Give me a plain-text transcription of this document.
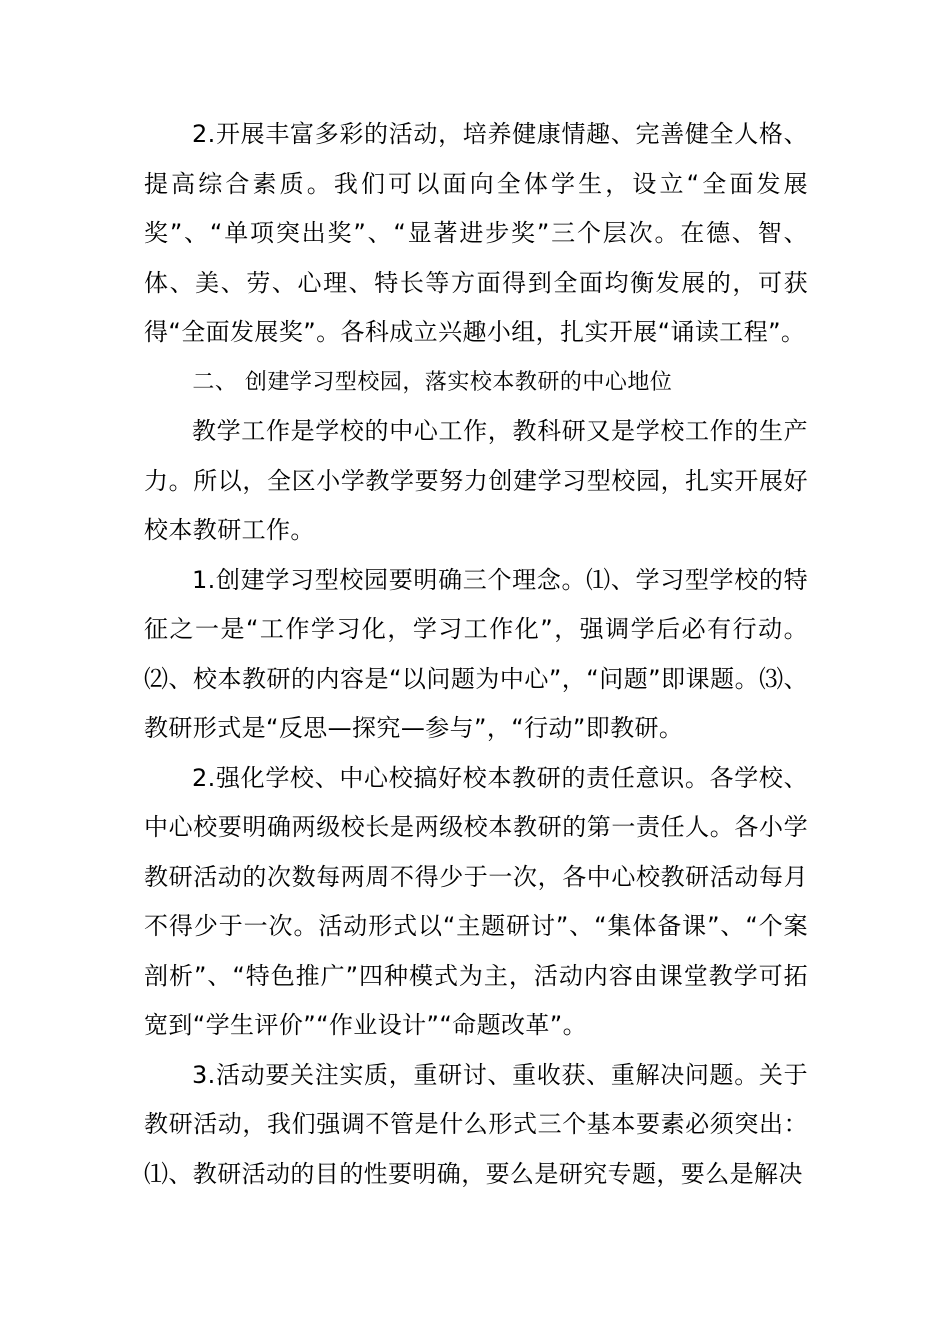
2.开展丰富多彩的活动，培养健康情趣、完善健全人格、提高综合素质。我们可以面向全体学生，设立“全面发展奖”、“单项突出奖”、“显著进步奖”三个层次。在德、智、体、美、劳、心理、特长等方面得到全面均衡发展的，可获得“全面发展奖”。各科成立兴趣小组，扎实开展“诵读工程”。

二、 创建学习型校园，落实校本教研的中心地位

教学工作是学校的中心工作，教科研又是学校工作的生产力。所以，全区小学教学要努力创建学习型校园，扎实开展好校本教研工作。

1.创建学习型校园要明确三个理念。⑴、学习型学校的特征之一是“工作学习化，学习工作化”，强调学后必有行动。⑵、校本教研的内容是“以问题为中心”，“问题”即课题。⑶、教研形式是“反思—探究—参与”，“行动”即教研。

2.强化学校、中心校搞好校本教研的责任意识。各学校、中心校要明确两级校长是两级校本教研的第一责任人。各小学教研活动的次数每两周不得少于一次，各中心校教研活动每月不得少于一次。活动形式以“主题研讨”、“集体备课”、“个案剖析”、“特色推广”四种模式为主，活动内容由课堂教学可拓宽到“学生评价”“作业设计”“命题改革”。

3.活动要关注实质，重研讨、重收获、重解决问题。关于教研活动，我们强调不管是什么形式三个基本要素必须突出：⑴、教研活动的目的性要明确，要么是研究专题，要么是解决
